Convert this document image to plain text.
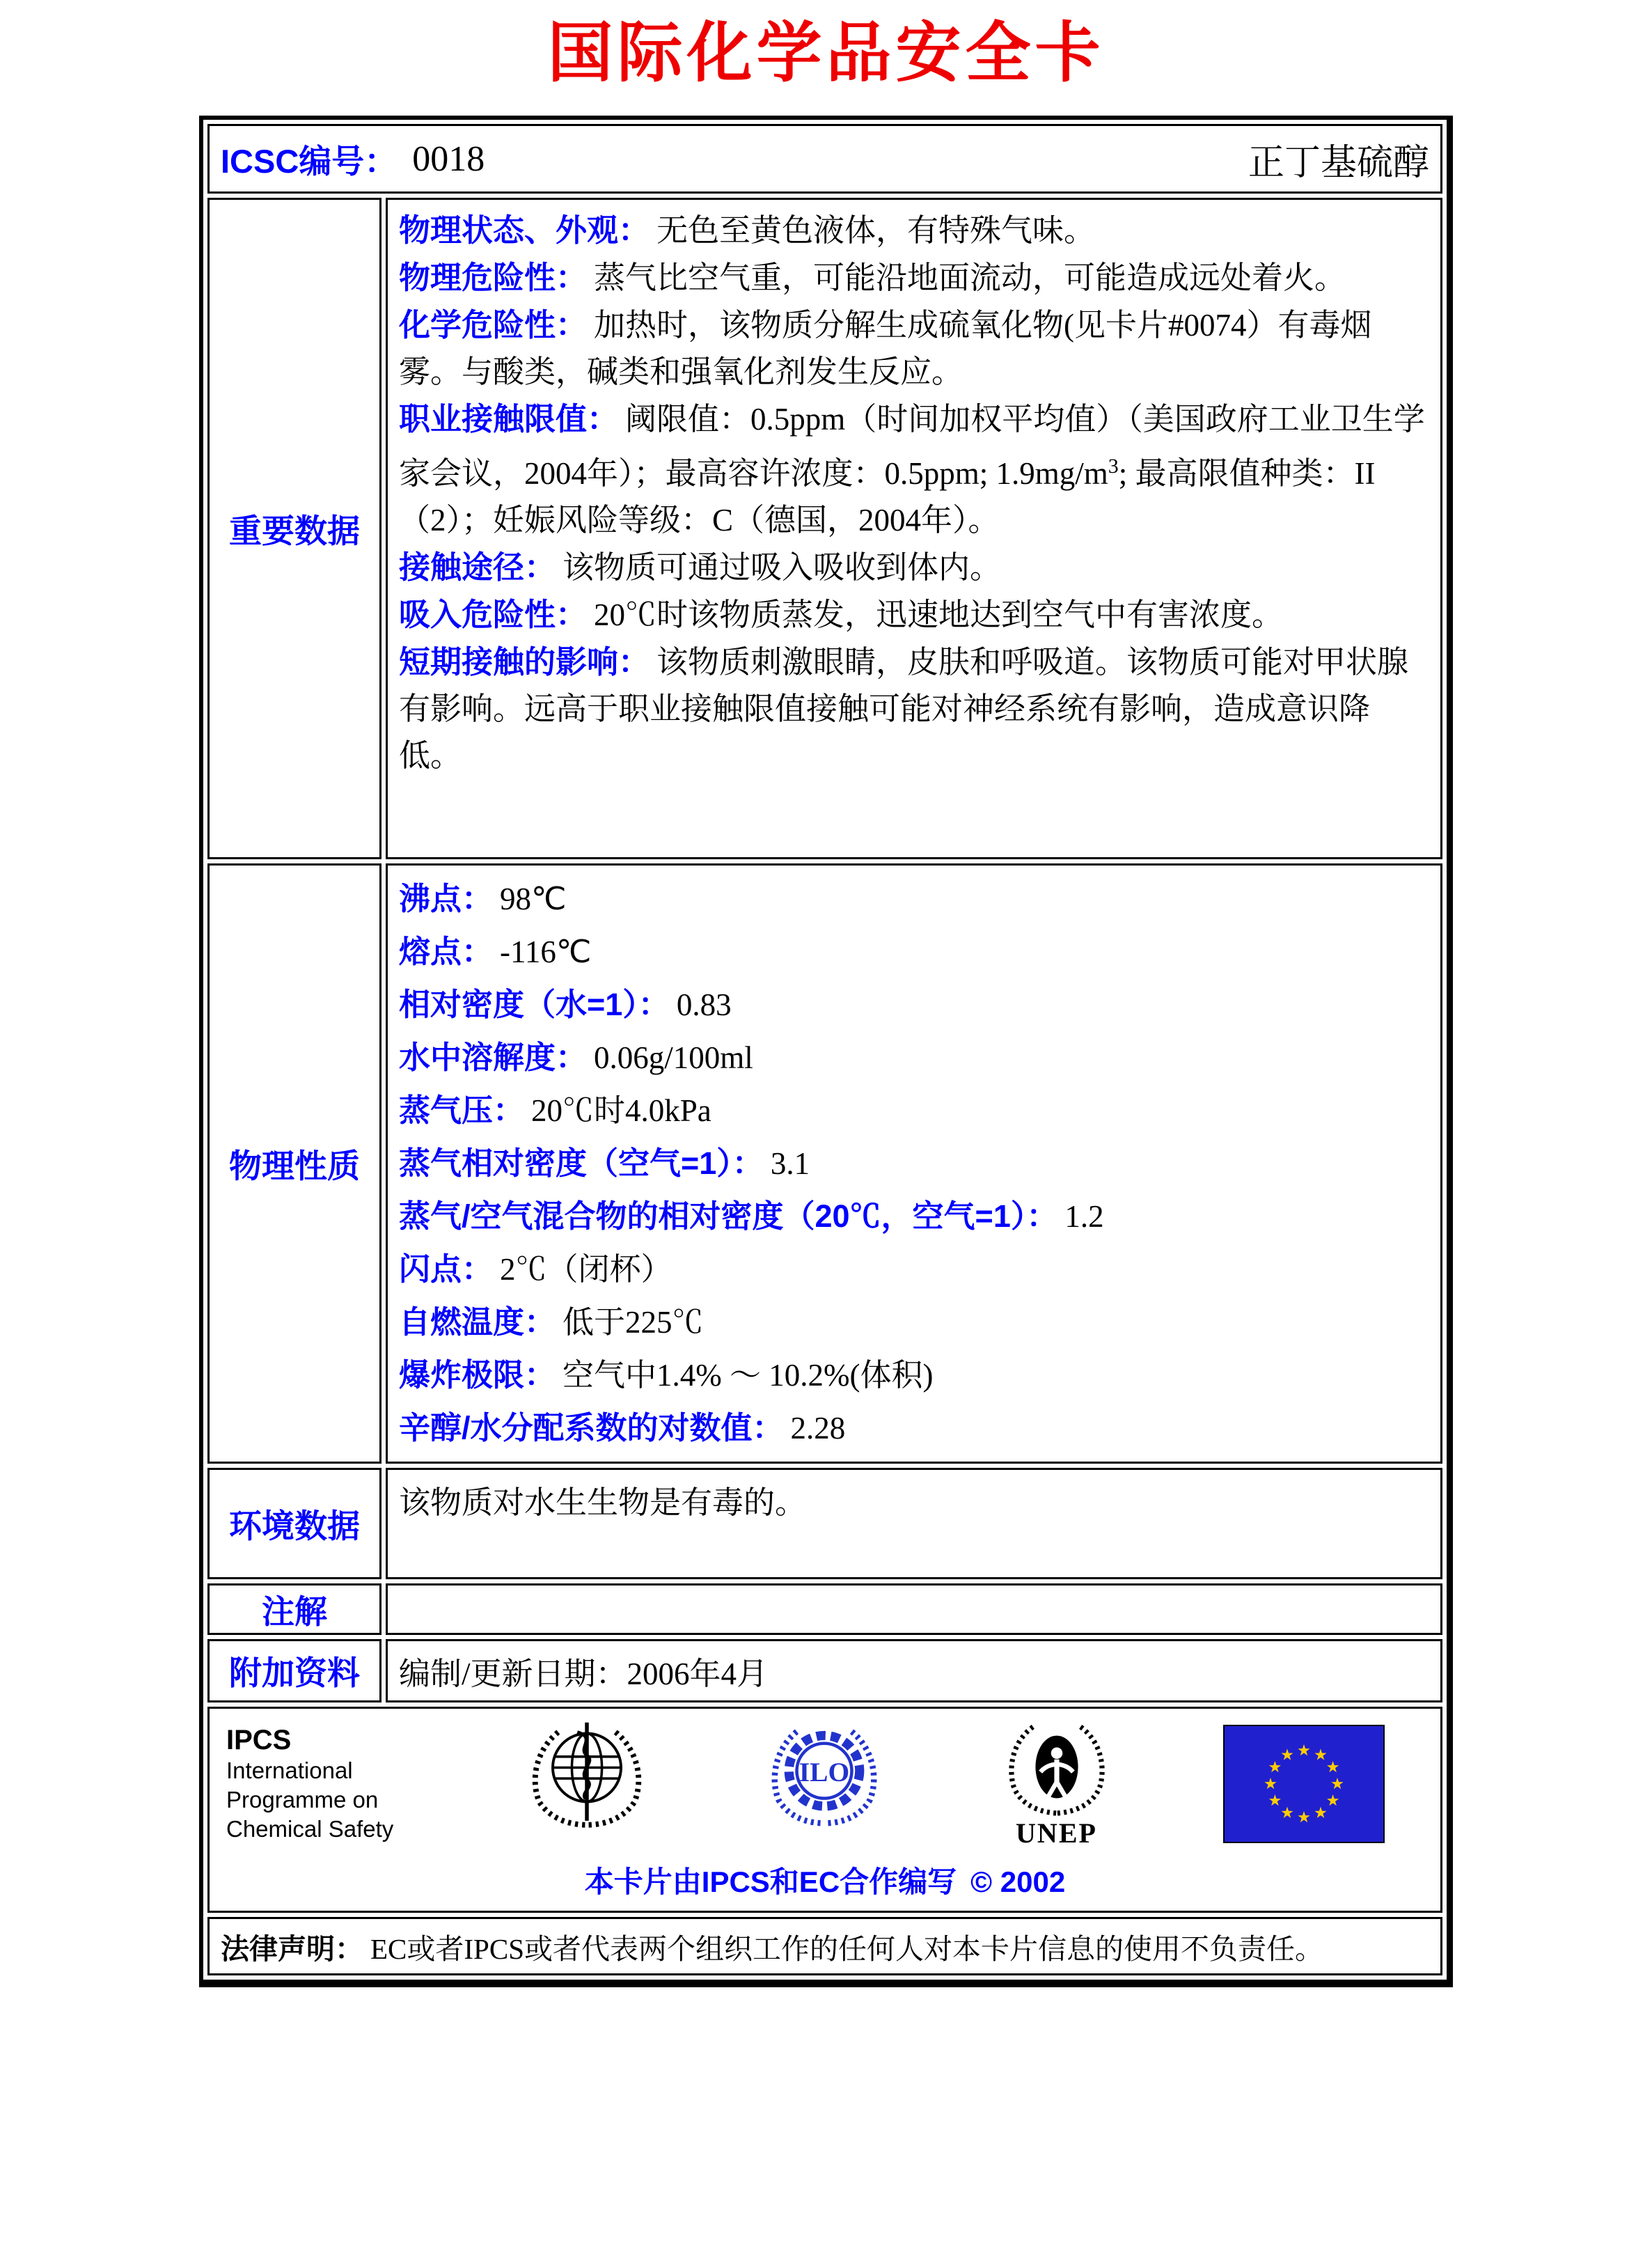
国际化学品安全卡
ICSC编号： 0018	正丁基硫醇
重要数据
物理状态、外观： 无色至黄色液体，有特殊气味。
物理危险性： 蒸气比空气重，可能沿地面流动，可能造成远处着火。
化学危险性： 加热时，该物质分解生成硫氧化物(见卡片#0074）有毒烟雾。与酸类，碱类和强氧化剂发生反应。
职业接触限值： 阈限值：0.5ppm（时间加权平均值）（美国政府工业卫生学家会议，2004年）；最高容许浓度：0.5ppm; $1.9mg/m^3$; 最高限值种类：II（2）；妊娠风险等级：C（德国，2004年）。
接触途径： 该物质可通过吸入吸收到体内。
吸入危险性： 20℃时该物质蒸发，迅速地达到空气中有害浓度。
短期接触的影响： 该物质刺激眼睛，皮肤和呼吸道。该物质可能对甲状腺有影响。远高于职业接触限值接触可能对神经系统有影响，造成意识降低。
物理性质
沸点： 98℃
熔点： -116℃
相对密度（水=1）： 0.83
水中溶解度： 0.06g/100ml
蒸气压： 20℃时4.0kPa
蒸气相对密度（空气=1）： 3.1
蒸气/空气混合物的相对密度（20℃，空气=1）： 1.2
闪点： 2℃（闭杯）
自燃温度： 低于225℃
爆炸极限： 空气中1.4% ～ 10.2%(体积)
辛醇/水分配系数的对数值： 2.28
环境数据
该物质对水生生物是有毒的。
注解
附加资料	编制/更新日期：2006年4月
IPCS
International
Programme on
Chemical Safety
ILO
UNEP
本卡片由IPCS和EC合作编写 © 2002
法律声明： EC或者IPCS或者代表两个组织工作的任何人对本卡片信息的使用不负责任。
